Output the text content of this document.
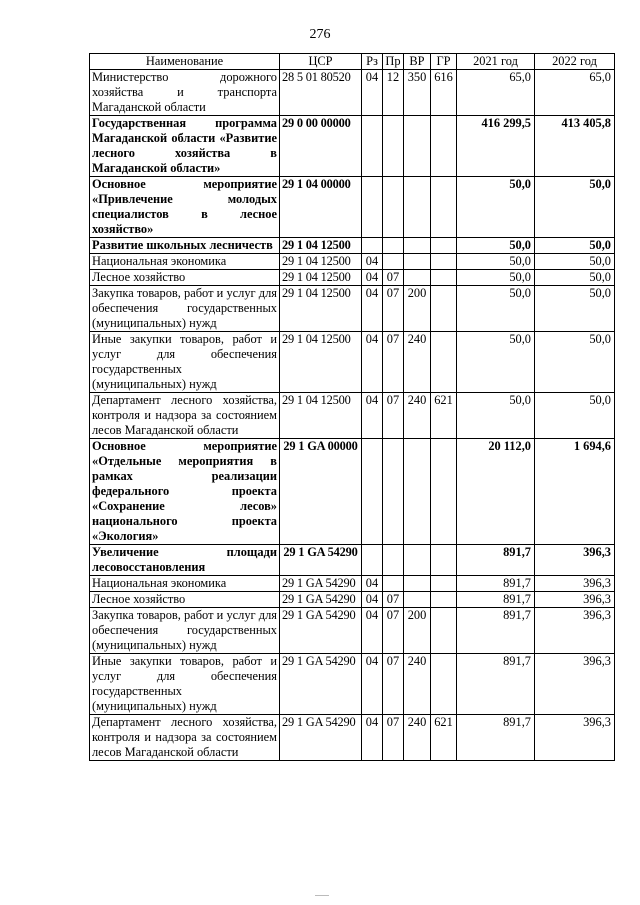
276
Наименование	ЦСР	Рз	Пр	ВР	ГР	2021 год	2022 год
Министерство дорожного хозяйства и транспорта Магаданской области	28 5 01 80520	04	12	350	616	65,0	65,0
Государственная программа Магаданской области «Развитие лесного хозяйства в Магаданской области»	29 0 00 00000					416 299,5	413 405,8
Основное мероприятие «Привлечение молодых специалистов в лесное хозяйство»	29 1 04 00000					50,0	50,0
Развитие школьных лесничеств	29 1 04 12500					50,0	50,0
Национальная экономика	29 1 04 12500	04				50,0	50,0
Лесное хозяйство	29 1 04 12500	04	07			50,0	50,0
Закупка товаров, работ и услуг для обеспечения государственных (муниципальных) нужд	29 1 04 12500	04	07	200		50,0	50,0
Иные закупки товаров, работ и услуг для обеспечения государственных (муниципальных) нужд	29 1 04 12500	04	07	240		50,0	50,0
Департамент лесного хозяйства, контроля и надзора за состоянием лесов Магаданской области	29 1 04 12500	04	07	240	621	50,0	50,0
Основное мероприятие «Отдельные мероприятия в рамках реализации федерального проекта «Сохранение лесов» национального проекта «Экология»	29 1 GA 00000					20 112,0	1 694,6
Увеличение площади лесовосстановления	29 1 GA 54290					891,7	396,3
Национальная экономика	29 1 GA 54290	04				891,7	396,3
Лесное хозяйство	29 1 GA 54290	04	07			891,7	396,3
Закупка товаров, работ и услуг для обеспечения государственных (муниципальных) нужд	29 1 GA 54290	04	07	200		891,7	396,3
Иные закупки товаров, работ и услуг для обеспечения государственных (муниципальных) нужд	29 1 GA 54290	04	07	240		891,7	396,3
Департамент лесного хозяйства, контроля и надзора за состоянием лесов Магаданской области	29 1 GA 54290	04	07	240	621	891,7	396,3
